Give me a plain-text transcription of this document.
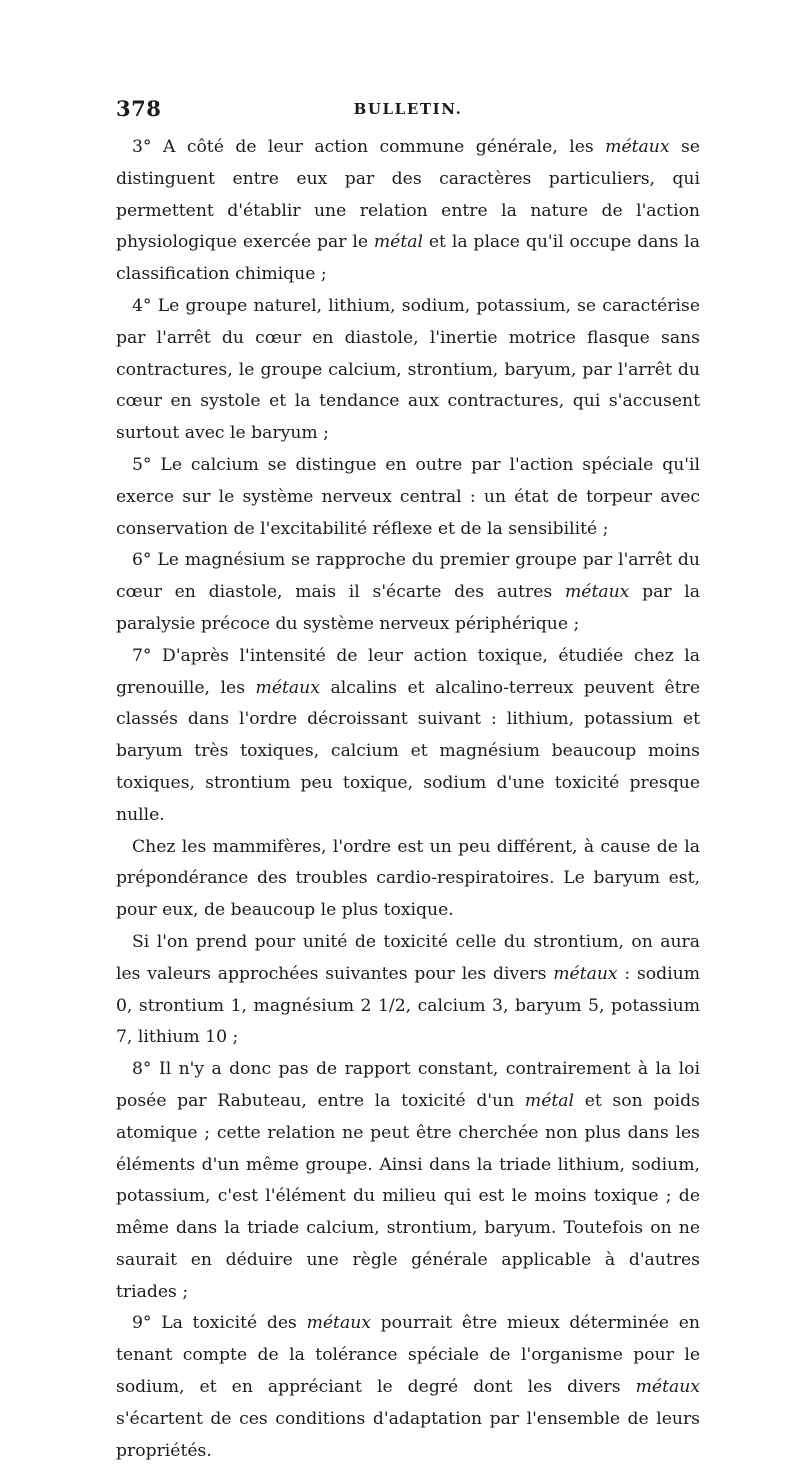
378	BULLETIN.

3° A côté de leur action commune générale, les métaux se distinguent entre eux par des caractères particuliers, qui permettent d'établir une relation entre la nature de l'action physiologique exercée par le métal et la place qu'il occupe dans la classification chimique ;

4° Le groupe naturel, lithium, sodium, potassium, se caractérise par l'arrêt du cœur en diastole, l'inertie motrice flasque sans contractures, le groupe calcium, strontium, baryum, par l'arrêt du cœur en systole et la tendance aux contractures, qui s'accusent surtout avec le baryum ;

5° Le calcium se distingue en outre par l'action spéciale qu'il exerce sur le système nerveux central : un état de torpeur avec conservation de l'excitabilité réflexe et de la sensibilité ;

6° Le magnésium se rapproche du premier groupe par l'arrêt du cœur en diastole, mais il s'écarte des autres métaux par la paralysie précoce du système nerveux périphérique ;

7° D'après l'intensité de leur action toxique, étudiée chez la grenouille, les métaux alcalins et alcalino-terreux peuvent être classés dans l'ordre décroissant suivant : lithium, potassium et baryum très toxiques, calcium et magnésium beaucoup moins toxiques, strontium peu toxique, sodium d'une toxicité presque nulle.

Chez les mammifères, l'ordre est un peu différent, à cause de la prépondérance des troubles cardio-respiratoires. Le baryum est, pour eux, de beaucoup le plus toxique.

Si l'on prend pour unité de toxicité celle du strontium, on aura les valeurs approchées suivantes pour les divers métaux : sodium 0, strontium 1, magnésium 2 1/2, calcium 3, baryum 5, potassium 7, lithium 10 ;

8° Il n'y a donc pas de rapport constant, contrairement à la loi posée par Rabuteau, entre la toxicité d'un métal et son poids atomique ; cette relation ne peut être cherchée non plus dans les éléments d'un même groupe. Ainsi dans la triade lithium, sodium, potassium, c'est l'élément du milieu qui est le moins toxique ; de même dans la triade calcium, strontium, baryum. Toutefois on ne saurait en déduire une règle générale applicable à d'autres triades ;

9° La toxicité des métaux pourrait être mieux déterminée en tenant compte de la tolérance spéciale de l'organisme pour le sodium, et en appréciant le degré dont les divers métaux s'écartent de ces conditions d'adaptation par l'ensemble de leurs propriétés.
